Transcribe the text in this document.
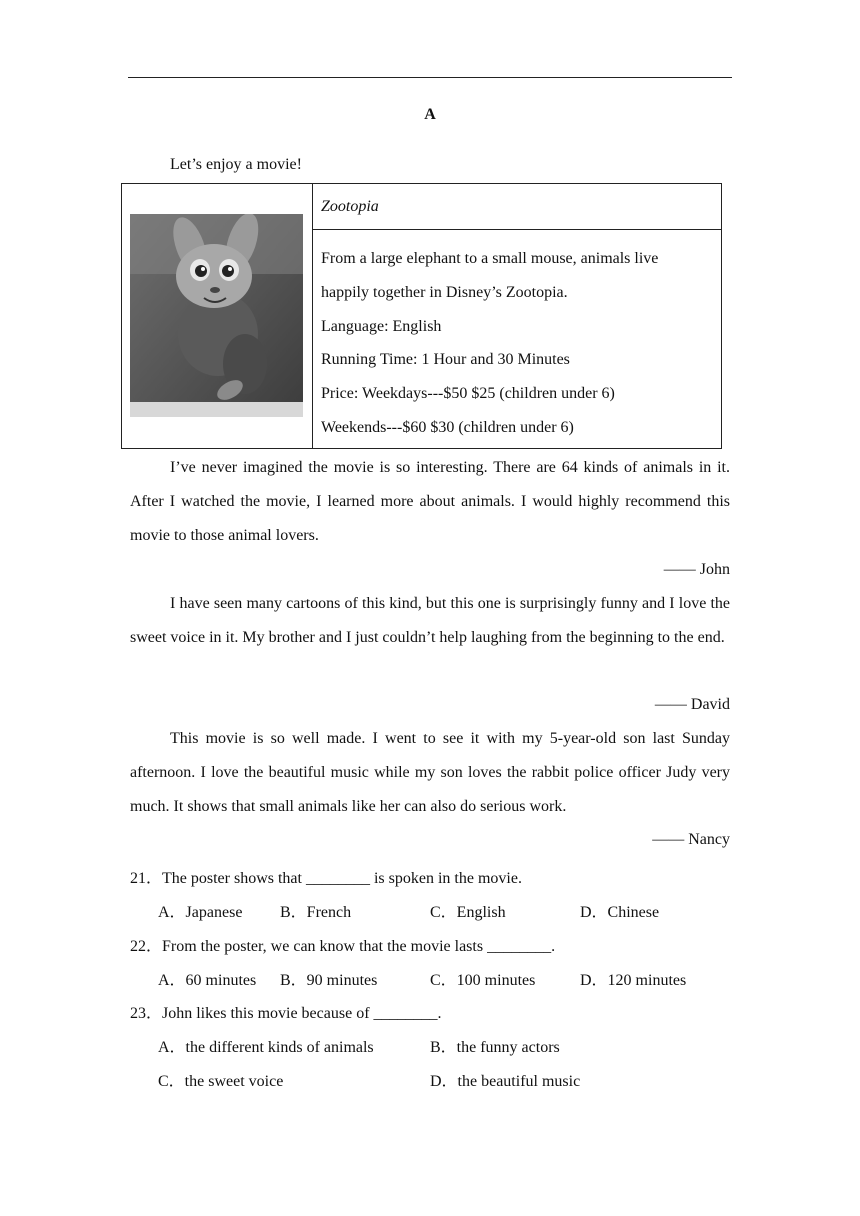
A
Let’s enjoy a movie!
Zootopia
From a large elephant to a small mouse, animals live
happily together in Disney’s Zootopia.
Language: English
Running Time: 1 Hour and 30 Minutes
Price: Weekdays---$50 $25 (children under 6)
Weekends---$60 $30 (children under 6)
I’ve never imagined the movie is so interesting. There are 64 kinds of animals in it. After I watched the movie, I learned more about animals. I would highly recommend this movie to those animal lovers.
—— John
I have seen many cartoons of this kind, but this one is surprisingly funny and I love the sweet voice in it. My brother and I just couldn’t help laughing from the beginning to the end.
—— David
This movie is so well made. I went to see it with my 5-year-old son last Sunday afternoon. I love the beautiful music while my son loves the rabbit police officer Judy very much. It shows that small animals like her can also do serious work.
—— Nancy
21．The poster shows that ________ is spoken in the movie.
A．Japanese B．French	C．English	D．Chinese
22．From the poster, we can know that the movie lasts ________.
A．60 minutes B．90 minutes	C．100 minutes	D．120 minutes
23．John likes this movie because of ________.
A．the different kinds of animals	B．the funny actors
C．the sweet voice	D．the beautiful music
